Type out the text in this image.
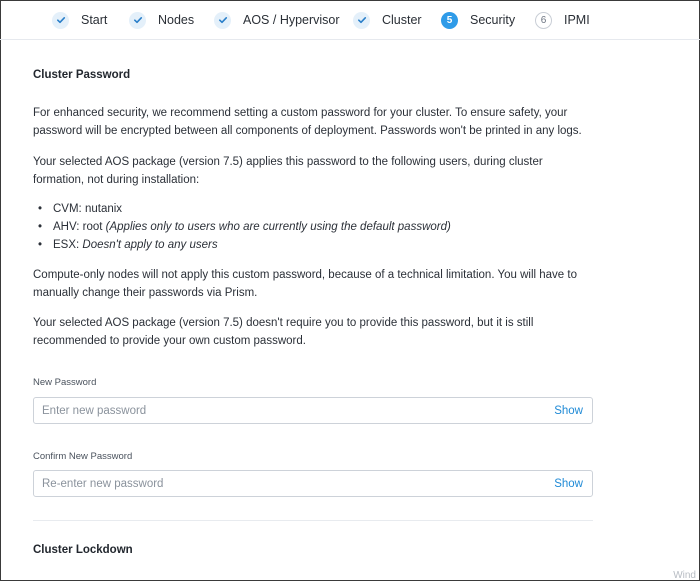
Start	Nodes	AOS / Hypervisor	Cluster	5	Security	6	IPMI
Cluster Password

For enhanced security, we recommend setting a custom password for your cluster. To ensure safety, your password will be encrypted between all components of deployment. Passwords won't be printed in any logs.

Your selected AOS package (version 7.5) applies this password to the following users, during cluster formation, not during installation:

• CVM: nutanix
• AHV: root (Applies only to users who are currently using the default password)
• ESX: Doesn't apply to any users

Compute-only nodes will not apply this custom password, because of a technical limitation. You will have to manually change their passwords via Prism.

Your selected AOS package (version 7.5) doesn't require you to provide this password, but it is still recommended to provide your own custom password.

New Password
Show
Confirm New Password
Show
Cluster Lockdown
Wind
